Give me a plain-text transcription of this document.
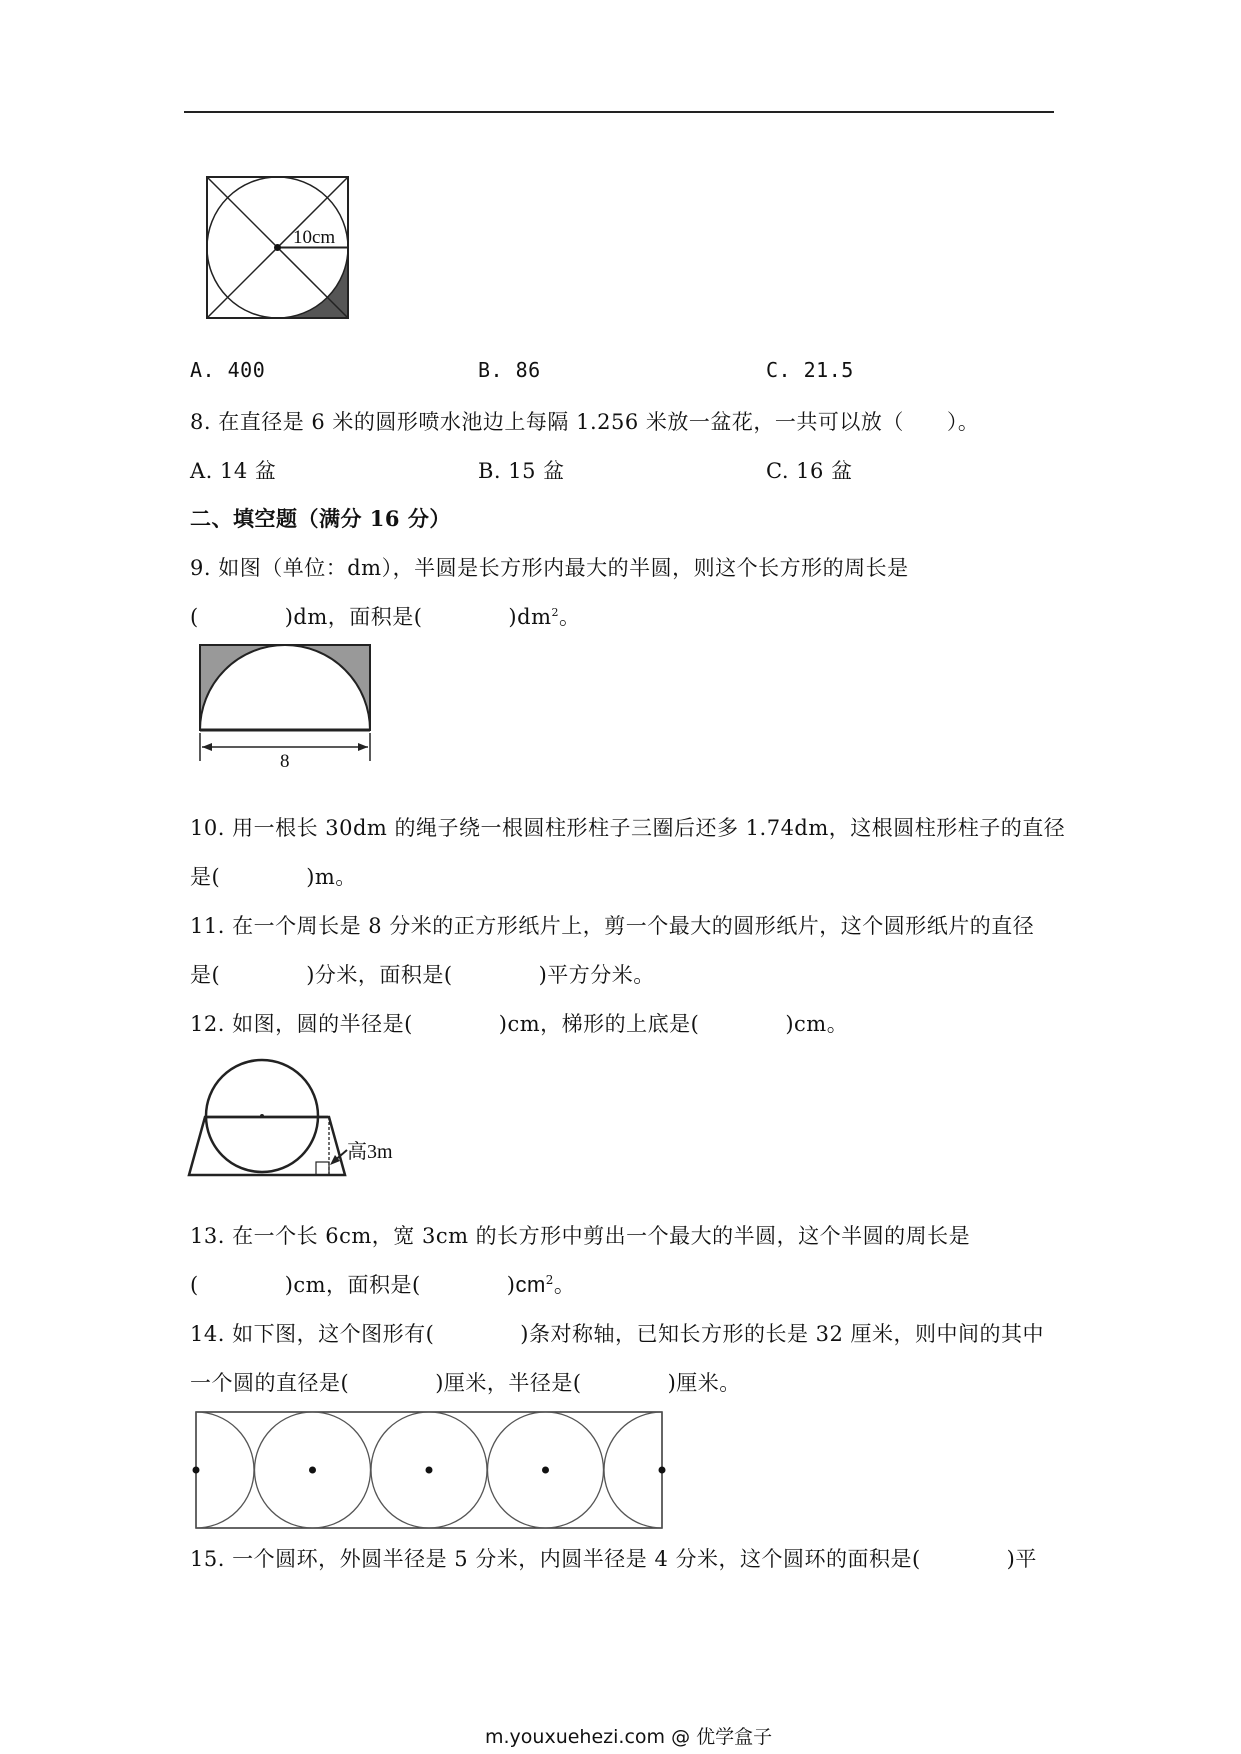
10cm
A. 400	B. 86	C. 21.5
8. 在直径是 6 米的圆形喷水池边上每隔 1.256 米放一盆花，一共可以放（　　）。
A. 14 盆	B. 15 盆	C. 16 盆
二、填空题（满分 16 分）
9. 如图（单位：dm），半圆是长方形内最大的半圆，则这个长方形的周长是
(　　　　)dm，面积是(　　　　)$dm^2$。
8
10. 用一根长 30dm 的绳子绕一根圆柱形柱子三圈后还多 1.74dm，这根圆柱形柱子的直径
是(　　　　)m。
11. 在一个周长是 8 分米的正方形纸片上，剪一个最大的圆形纸片，这个圆形纸片的直径
是(　　　　)分米，面积是(　　　　)平方分米。
12. 如图，圆的半径是(　　　　)cm，梯形的上底是(　　　　)cm。
高3m
13. 在一个长 6cm，宽 3cm 的长方形中剪出一个最大的半圆，这个半圆的周长是
(　　　　)cm，面积是(　　　　)$cm^2$。
14. 如下图，这个图形有(　　　　)条对称轴，已知长方形的长是 32 厘米，则中间的其中
一个圆的直径是(　　　　)厘米，半径是(　　　　)厘米。
15. 一个圆环，外圆半径是 5 分米，内圆半径是 4 分米，这个圆环的面积是(　　　　)平
m.youxuehezi.com @ 优学盒子
